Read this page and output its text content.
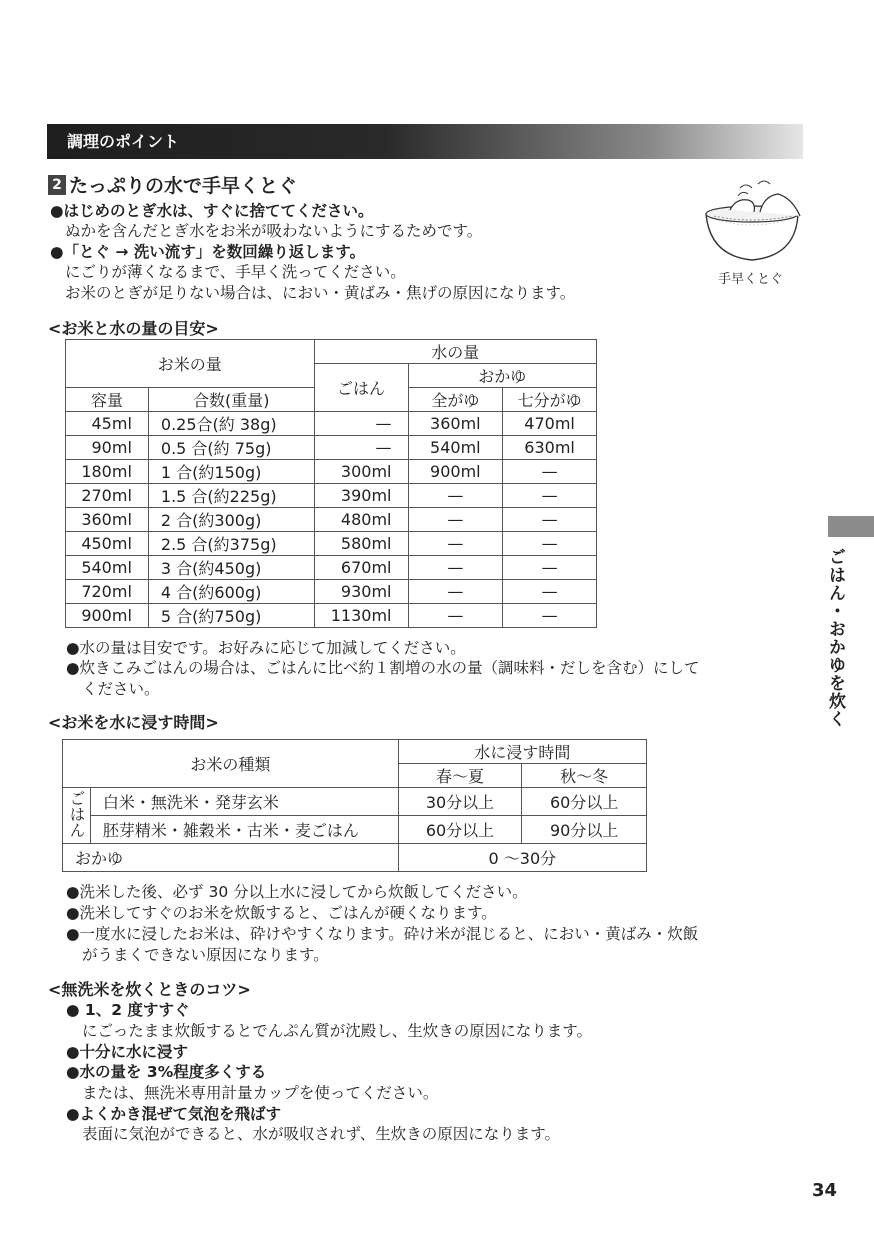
調理のポイント
2 たっぷりの水で手早くとぐ
●はじめのとぎ水は、すぐに捨ててください。
ぬかを含んだとぎ水をお米が吸わないようにするためです。
●「とぐ → 洗い流す」を数回繰り返します。
にごりが薄くなるまで、手早く洗ってください。
お米のとぎが足りない場合は、におい・黄ばみ・焦げの原因になります。
手早くとぐ
<お米と水の量の目安>
お米の量		水の量		
		ごはん	おかゆ	
容量	合数(重量)		全がゆ	七分がゆ
45ml	0.25合(約 38g)	—	360ml	470ml
90ml	0.5 合(約 75g)	—	540ml	630ml
180ml	1 合(約150g)	300ml	900ml	—
270ml	1.5 合(約225g)	390ml	—	—
360ml	2 合(約300g)	480ml	—	—
450ml	2.5 合(約375g)	580ml	—	—
540ml	3 合(約450g)	670ml	—	—
720ml	4 合(約600g)	930ml	—	—
900ml	5 合(約750g)	1130ml	—	—
●水の量は目安です。お好みに応じて加減してください。
●炊きこみごはんの場合は、ごはんに比べ約１割増の水の量（調味料・だしを含む）にして
ください。
<お米を水に浸す時間>
お米の種類		水に浸す時間	
		春〜夏	秋〜冬
ごはん	白米・無洗米・発芽玄米	30分以上	60分以上
	胚芽精米・雑穀米・古米・麦ごはん	60分以上	90分以上
おかゆ		0 〜30分	
●洗米した後、必ず 30 分以上水に浸してから炊飯してください。
●洗米してすぐのお米を炊飯すると、ごはんが硬くなります。
●一度水に浸したお米は、砕けやすくなります。砕け米が混じると、におい・黄ばみ・炊飯
がうまくできない原因になります。
<無洗米を炊くときのコツ>
● 1、2 度すすぐ
にごったまま炊飯するとでんぷん質が沈殿し、生炊きの原因になります。
●十分に水に浸す
●水の量を 3%程度多くする
または、無洗米専用計量カップを使ってください。
●よくかき混ぜて気泡を飛ばす
表面に気泡ができると、水が吸収されず、生炊きの原因になります。
ごはん・おかゆを炊く
34
